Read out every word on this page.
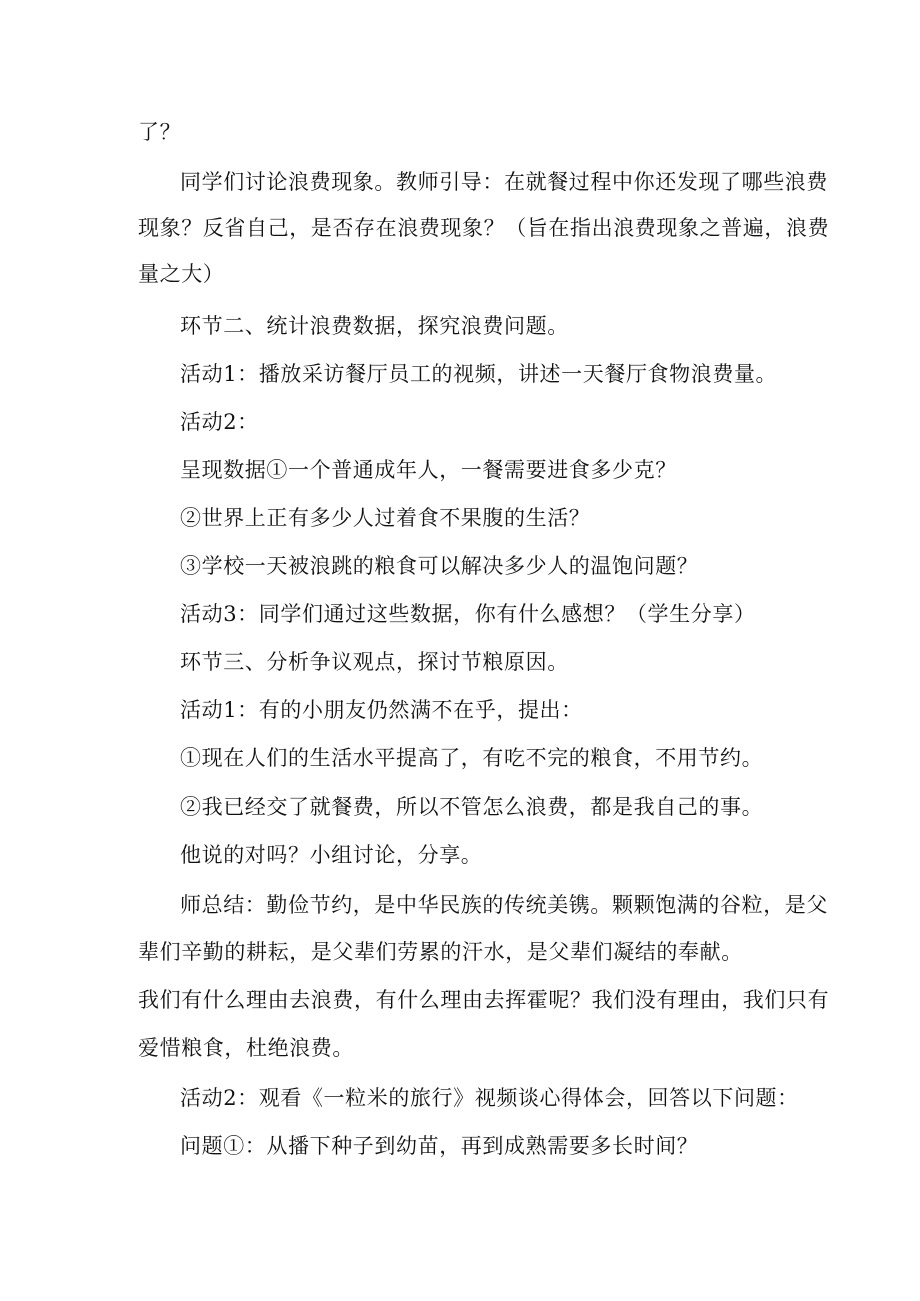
了？
同学们讨论浪费现象。教师引导：在就餐过程中你还发现了哪些浪费
现象？反省自己，是否存在浪费现象？（旨在指出浪费现象之普遍，浪费
量之大）
环节二、统计浪费数据，探究浪费问题。
活动1：播放采访餐厅员工的视频，讲述一天餐厅食物浪费量。
活动2：
呈现数据①一个普通成年人，一餐需要进食多少克？
②世界上正有多少人过着食不果腹的生活？
③学校一天被浪跳的粮食可以解决多少人的温饱问题？
活动3：同学们通过这些数据，你有什么感想？（学生分享）
环节三、分析争议观点，探讨节粮原因。
活动1：有的小朋友仍然满不在乎，提出：
①现在人们的生活水平提高了，有吃不完的粮食，不用节约。
②我已经交了就餐费，所以不管怎么浪费，都是我自己的事。
他说的对吗？小组讨论，分享。
师总结：勤俭节约，是中华民族的传统美镌。颗颗饱满的谷粒，是父
辈们辛勤的耕耘，是父辈们劳累的汗水，是父辈们凝结的奉献。
我们有什么理由去浪费，有什么理由去挥霍呢？我们没有理由，我们只有
爱惜粮食，杜绝浪费。
活动2：观看《一粒米的旅行》视频谈心得体会，回答以下问题：
问题①：从播下种子到幼苗，再到成熟需要多长时间？
